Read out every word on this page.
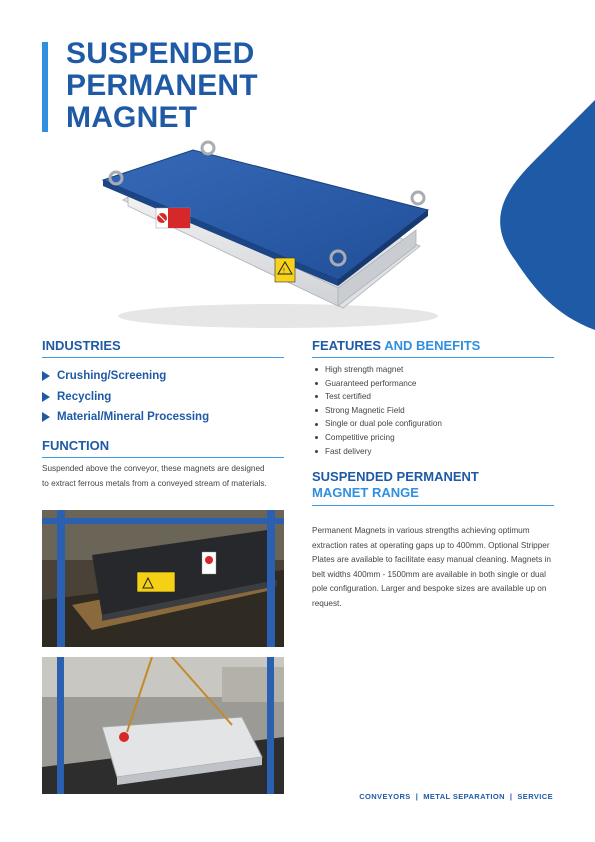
SUSPENDED
PERMANENT
MAGNET
!
INDUSTRIES
Crushing/Screening
Recycling
Material/Mineral Processing
FUNCTION

Suspended above the conveyor, these magnets are designed to extract ferrous metals from a conveyed stream of materials.

FEATURES AND BENEFITS
High strength magnet
Guaranteed performance
Test certified
Strong Magnetic Field
Single or dual pole configuration
Competitive pricing
Fast delivery
SUSPENDED PERMANENT
MAGNET RANGE

Permanent Magnets in various strengths achieving optimum extraction rates at operating gaps up to 400mm. Optional Stripper Plates are available to facilitate easy manual cleaning. Magnets in belt widths 400mm - 1500mm are available in both single or dual pole configuration. Larger and bespoke sizes are available up on request.

CONVEYORS | METAL SEPARATION | SERVICE
